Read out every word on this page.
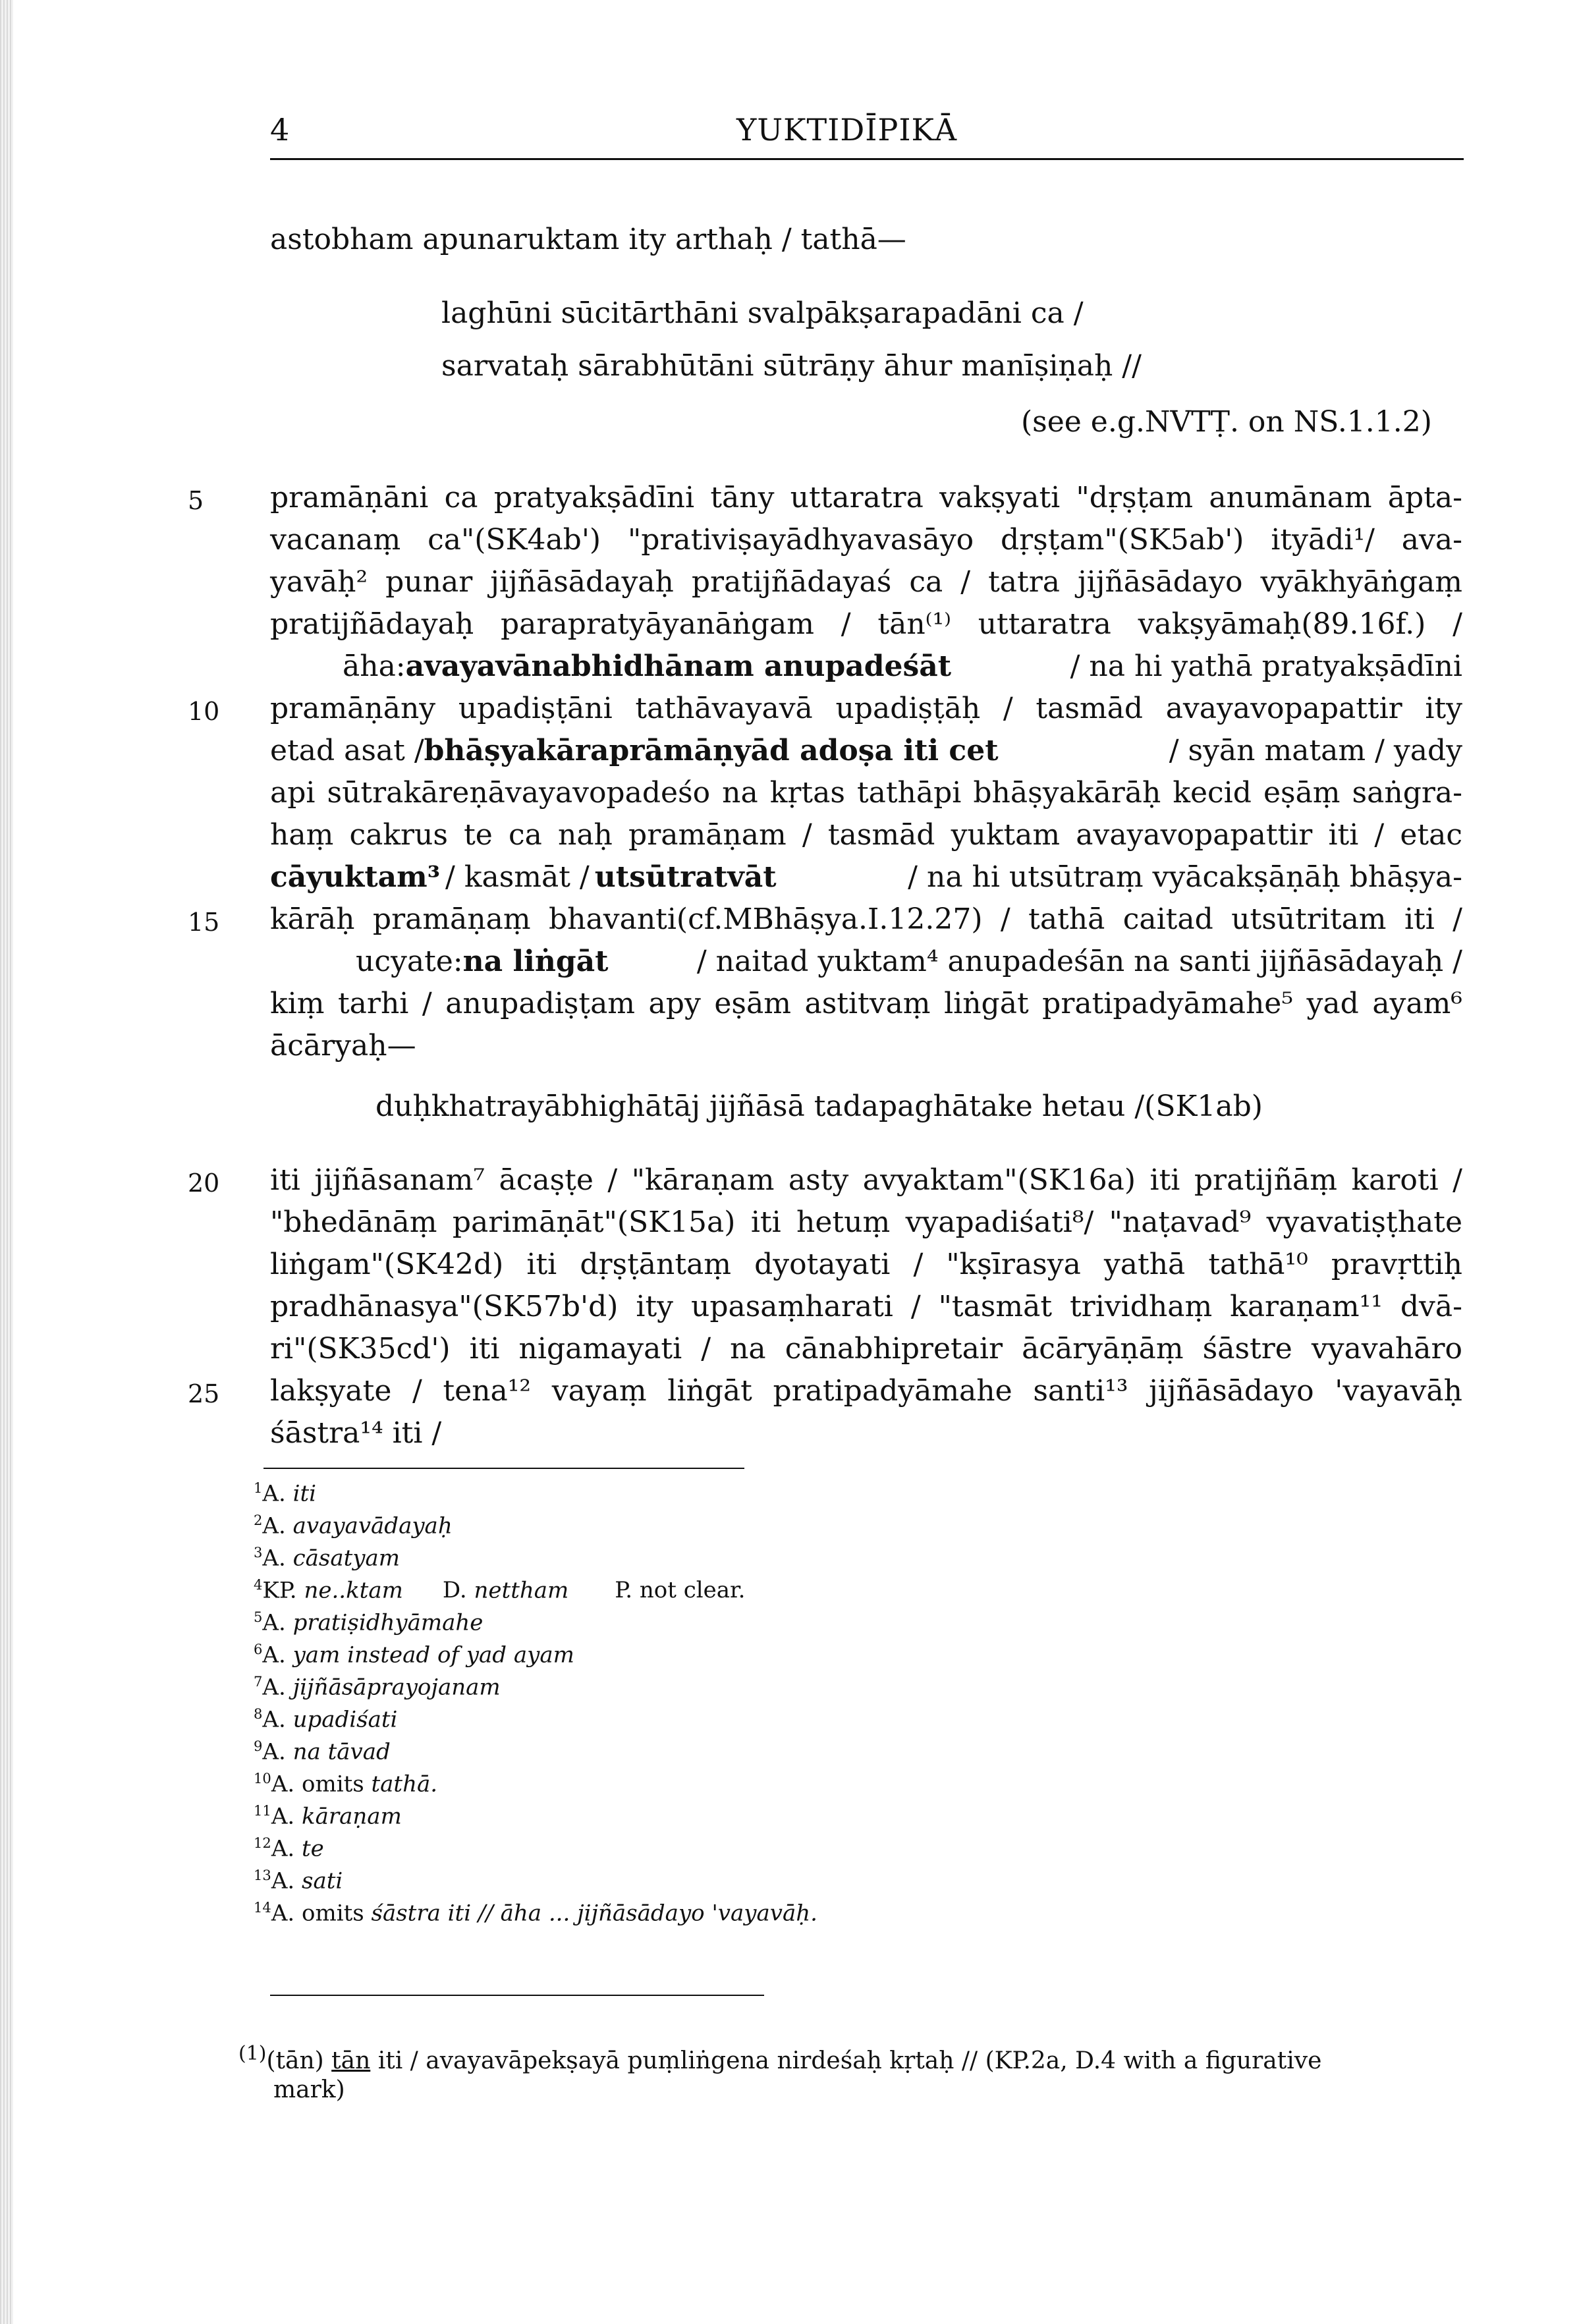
4	YUKTIDĪPIKĀ
astobham apunaruktam ity arthaḥ / tathā—
laghūni sūcitārthāni svalpākṣarapadāni ca /
sarvataḥ sārabhūtāni sūtrāṇy āhur manīṣiṇaḥ //
(see e.g.NVTṬ. on NS.1.1.2)
5 pramāṇāni ca pratyakṣādīni tāny uttaratra vakṣyati "dṛṣṭam anumānam āpta-
vacanaṃ ca"(SK4ab') "prativiṣayādhyavasāyo dṛṣṭam"(SK5ab') ityādi¹/ ava-
yavāḥ² punar jijñāsādayaḥ pratijñādayaś ca / tatra jijñāsādayo vyākhyāṅgaṃ
pratijñādayaḥ parapratyāyanāṅgam / tān⁽¹⁾ uttaratra vakṣyāmaḥ(89.16f.) /
āha: avayavānabhidhānam anupadeśāt	/ na hi yathā pratyakṣādīni
10 pramāṇāny upadiṣṭāni tathāvayavā upadiṣṭāḥ / tasmād avayavopapattir ity
etad asat / bhāṣyakāraprāmāṇyād adoṣa iti cet	/ syān matam / yady
api sūtrakāreṇāvayavopadeśo na kṛtas tathāpi bhāṣyakārāḥ kecid eṣāṃ saṅgra-
haṃ cakrus te ca naḥ pramāṇam / tasmād yuktam avayavopapattir iti / etac
cāyuktam³ / kasmāt / utsūtratvāt	/ na hi utsūtraṃ vyācakṣāṇāḥ bhāṣya-
15 kārāḥ pramāṇaṃ bhavanti(cf.MBhāṣya.I.12.27) / tathā caitad utsūtritam iti /
ucyate: na liṅgāt	/ naitad yuktam⁴ anupadeśān na santi jijñāsādayaḥ /
kiṃ tarhi / anupadiṣṭam apy eṣām astitvaṃ liṅgāt pratipadyāmahe⁵ yad ayam⁶
ācāryaḥ—
duḥkhatrayābhighātāj jijñāsā tadapaghātake hetau /(SK1ab)
20 iti jijñāsanam⁷ ācaṣṭe / "kāraṇam asty avyaktam"(SK16a) iti pratijñāṃ karoti /
"bhedānāṃ parimāṇāt"(SK15a) iti hetuṃ vyapadiśati⁸/ "naṭavad⁹ vyavatiṣṭhate
liṅgam"(SK42d) iti dṛṣṭāntaṃ dyotayati / "kṣīrasya yathā tathā¹⁰ pravṛttiḥ
pradhānasya"(SK57b'd) ity upasaṃharati / "tasmāt trividhaṃ karaṇam¹¹ dvā-
ri"(SK35cd') iti nigamayati / na cānabhipretair ācāryāṇāṃ śāstre vyavahāro
25 lakṣyate / tena¹² vayaṃ liṅgāt pratipadyāmahe santi¹³ jijñāsādayo 'vayavāḥ
śāstra¹⁴ iti /
$^1$A. iti
$^2$A. avayavādayaḥ
$^3$A. cāsatyam
$^4$KP. ne..ktam D. nettham P. not clear.
$^5$A. pratiṣidhyāmahe
$^6$A. yam instead of yad ayam
$^7$A. jijñāsāprayojanam
$^8$A. upadiśati
$^9$A. na tāvad
$^{10}$A. omits tathā.
$^{11}$A. kāraṇam
$^{12}$A. te
$^{13}$A. sati
$^{14}$A. omits śāstra iti // āha ... jijñāsādayo 'vayavāḥ.
$^{(1)}$(tān) tān iti / avayavāpekṣayā puṃliṅgena nirdeśaḥ kṛtaḥ // (KP.2a, D.4 with a figurative
mark)
